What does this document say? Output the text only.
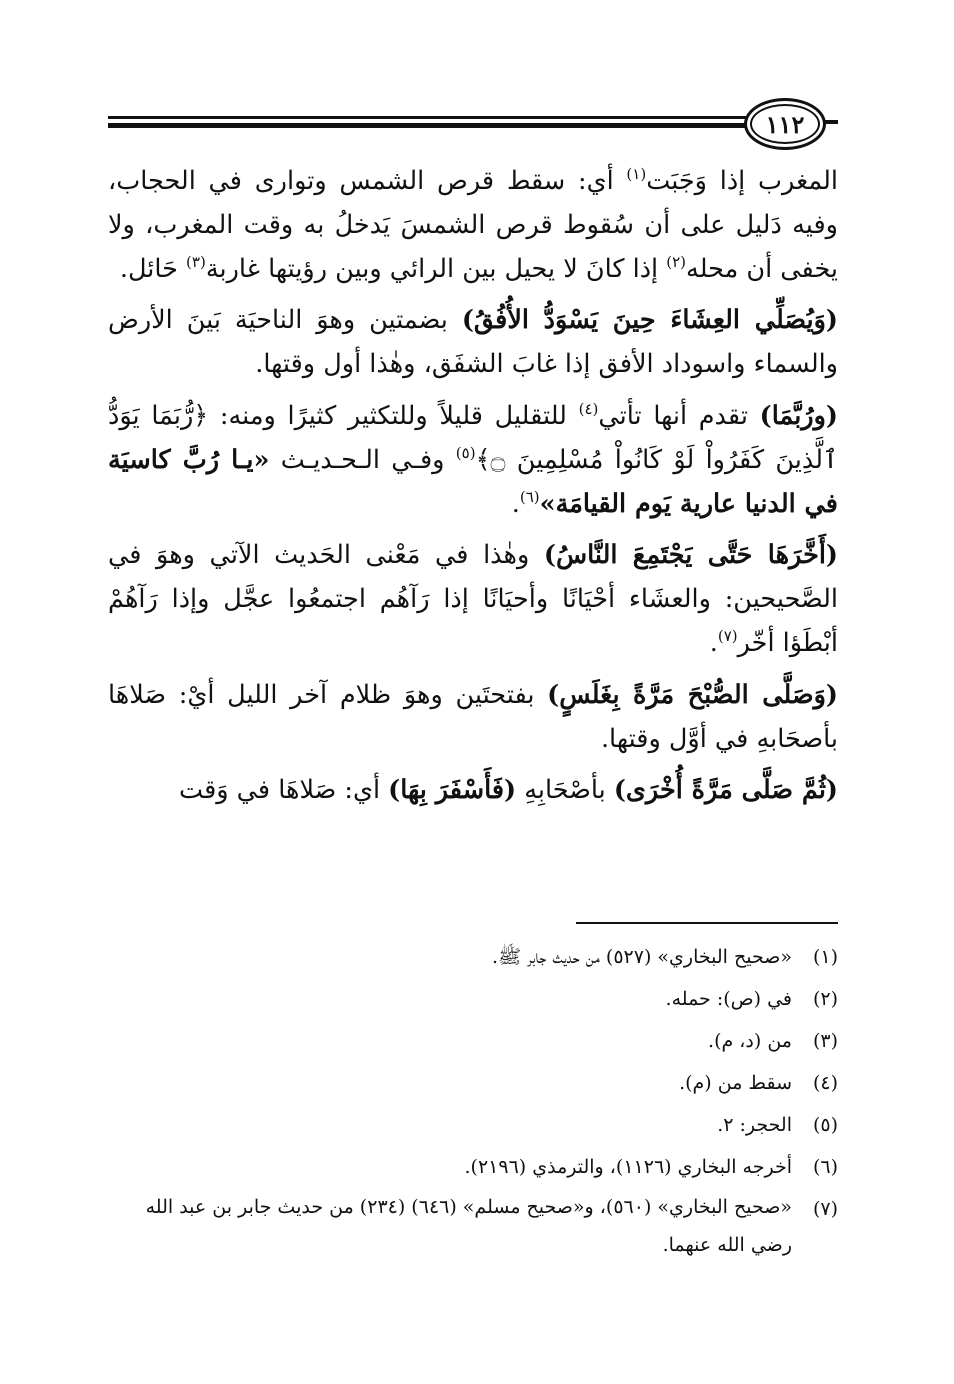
١١٢

المغرب إذا وَجَبَت$^{(١)}$ أي: سقط قرص الشمس وتوارى في الحجاب، وفيه دَليل على أن سُقوط قرص الشمسَ يَدخلُ به وقت المغرب، ولا يخفى أن محله$^{(٢)}$ إذا كانَ لا يحيل بين الرائي وبين رؤيتها غاربة$^{(٣)}$ حَائل.

(وَيُصَلِّي العِشَاءَ حِينَ يَسْوَدُّ الأُفُقُ) بضمتين وهوَ الناحيَة بَينَ الأرض والسماء واسوداد الأفق إذا غابَ الشفَق، وهٰذا أول وقتها.

(ورُبَّمَا) تقدم أنها تأتي$^{(٤)}$ للتقليل قليلاً وللتكثير كثيرًا ومنه: ﴿رُّبَمَا يَوَدُّ ٱلَّذِينَ كَفَرُواْ لَوْ كَانُواْ مُسْلِمِينَ ۝﴾$^{(٥)}$ وفـي الـحـديـث «يـا رُبَّ كاسيَة في الدنيا عارية يَوم القيامَة»$^{(٦)}$.

(أَخَّرَهَا حَتَّى يَجْتَمِعَ النَّاسُ) وهٰذا في مَعْنى الحَديث الآتي وهوَ في الصَّحيحين: والعشَاء أحْيَانًا وأحيَانًا إذا رَآهُم اجتمعُوا عجَّل وإذا رَآهُمْ أبْطَؤا أخّر$^{(٧)}$.

(وَصَلَّى الصُّبْحَ مَرَّةً بِغَلَسٍ) بفتحتَين وهوَ ظلام آخر الليل أيْ: صَلاهَا بأصحَابهِ في أوَّل وقتها.

(ثُمَّ صَلَّى مَرَّةً أُخْرَى) بأصْحَابِهِ (فَأَسْفَرَ بِهَا) أي: صَلاهَا في وَقت

(١)
«صحيح البخاري» (٥٢٧) من حديث جابر ﷺ.
(٢)
في (ص): حمله.
(٣)
من (د، م).
(٤)
سقط من (م).
(٥)
الحجر: ٢.
(٦)
أخرجه البخاري (١١٢٦)، والترمذي (٢١٩٦).
(٧)
«صحيح البخاري» (٥٦٠)، و«صحيح مسلم» (٦٤٦) (٢٣٤) من حديث جابر بن عبد الله رضي الله عنهما.
